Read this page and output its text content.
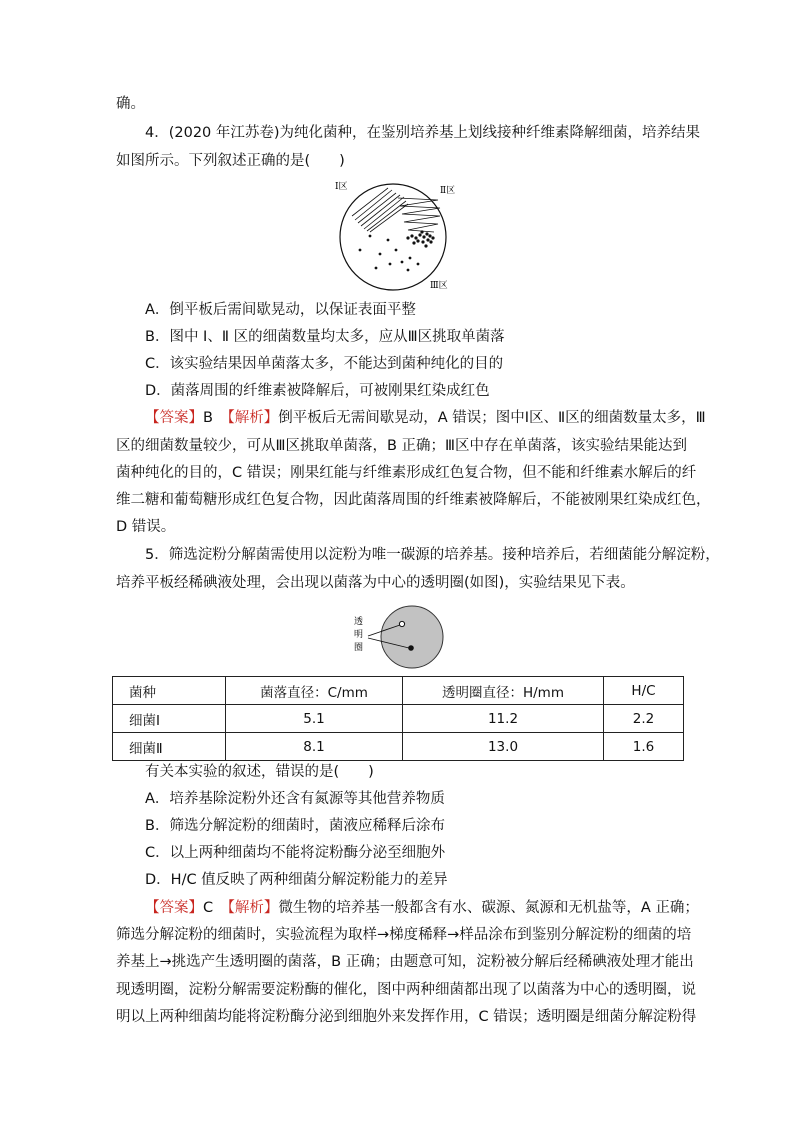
确。
4．(2020 年江苏卷)为纯化菌种，在鉴别培养基上划线接种纤维素降解细菌，培养结果
如图所示。下列叙述正确的是(　　)
Ⅰ区	Ⅱ区
Ⅲ区
A．倒平板后需间歇晃动，以保证表面平整
B．图中 Ⅰ、Ⅱ 区的细菌数量均太多，应从Ⅲ区挑取单菌落
C．该实验结果因单菌落太多，不能达到菌种纯化的目的
D．菌落周围的纤维素被降解后，可被刚果红染成红色
【答案】B　 【解析】倒平板后无需间歇晃动，A 错误；图中Ⅰ区、Ⅱ区的细菌数量太多，Ⅲ
区的细菌数量较少，可从Ⅲ区挑取单菌落，B 正确；Ⅲ区中存在单菌落，该实验结果能达到
菌种纯化的目的，C 错误；刚果红能与纤维素形成红色复合物，但不能和纤维素水解后的纤
维二糖和葡萄糖形成红色复合物，因此菌落周围的纤维素被降解后，不能被刚果红染成红色，
D 错误。
5．筛选淀粉分解菌需使用以淀粉为唯一碳源的培养基。接种培养后，若细菌能分解淀粉，
培养平板经稀碘液处理，会出现以菌落为中心的透明圈(如图)，实验结果见下表。
透
明
圈
菌种	菌落直径：C/mm	透明圈直径：H/mm	H/C
细菌Ⅰ	5.1	11.2	2.2
细菌Ⅱ	8.1	13.0	1.6
有关本实验的叙述，错误的是(　　)
A．培养基除淀粉外还含有氮源等其他营养物质
B．筛选分解淀粉的细菌时，菌液应稀释后涂布
C．以上两种细菌均不能将淀粉酶分泌至细胞外
D．H/C 值反映了两种细菌分解淀粉能力的差异
【答案】C　 【解析】微生物的培养基一般都含有水、碳源、氮源和无机盐等，A 正确；
筛选分解淀粉的细菌时，实验流程为取样→梯度稀释→样品涂布到鉴别分解淀粉的细菌的培
养基上→挑选产生透明圈的菌落，B 正确；由题意可知，淀粉被分解后经稀碘液处理才能出
现透明圈，淀粉分解需要淀粉酶的催化，图中两种细菌都出现了以菌落为中心的透明圈，说
明以上两种细菌均能将淀粉酶分泌到细胞外来发挥作用，C 错误；透明圈是细菌分解淀粉得
